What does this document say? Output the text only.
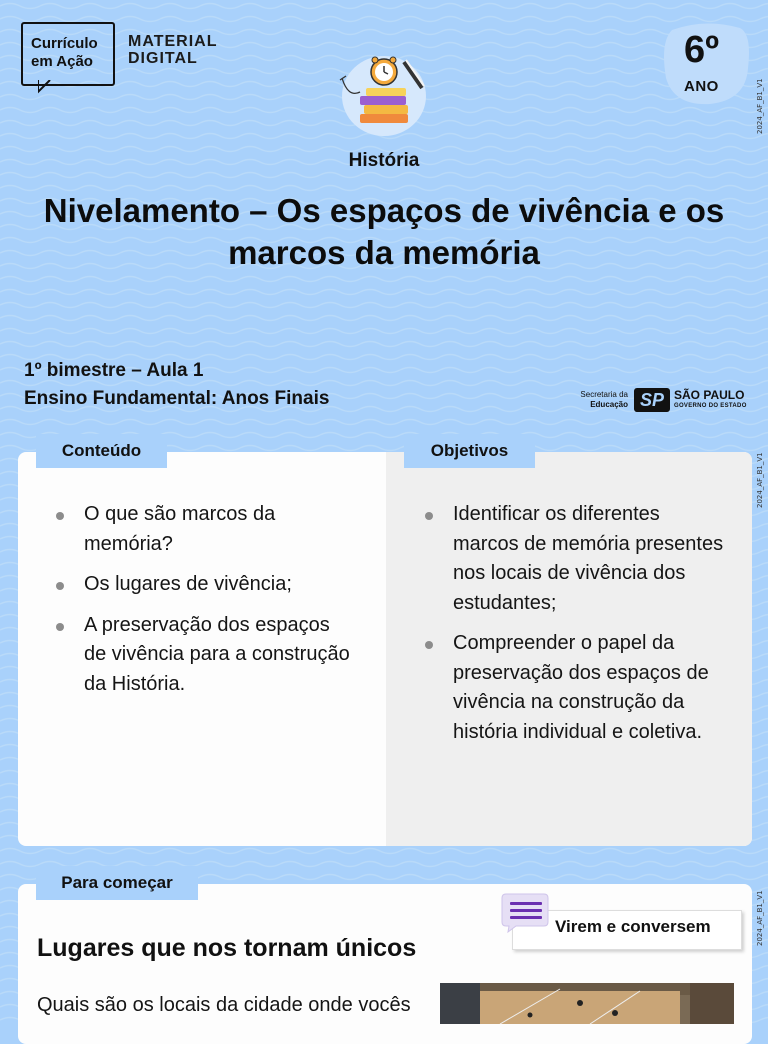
Currículo
em Ação
MATERIAL
DIGITAL	6º
ANO	2024_AF_B1_V1
2024_AF_B1_V1
2024_AF_B1_V1
História
Nivelamento – Os espaços de vivência e os marcos da memória
1º bimestre – Aula 1
Ensino Fundamental: Anos Finais	Secretaria da
Educação SP SÃO PAULO
GOVERNO DO ESTADO
Conteúdo	Objetivos
O que são marcos da memória?
Os lugares de vivência;
A preservação dos espaços de vivência para a construção da História.
Identificar os diferentes marcos de memória presentes nos locais de vivência dos estudantes;
Compreender o papel da preservação dos espaços de vivência na construção da história individual e coletiva.
Para começar
Virem e conversem
Lugares que nos tornam únicos
Quais são os locais da cidade onde vocês
